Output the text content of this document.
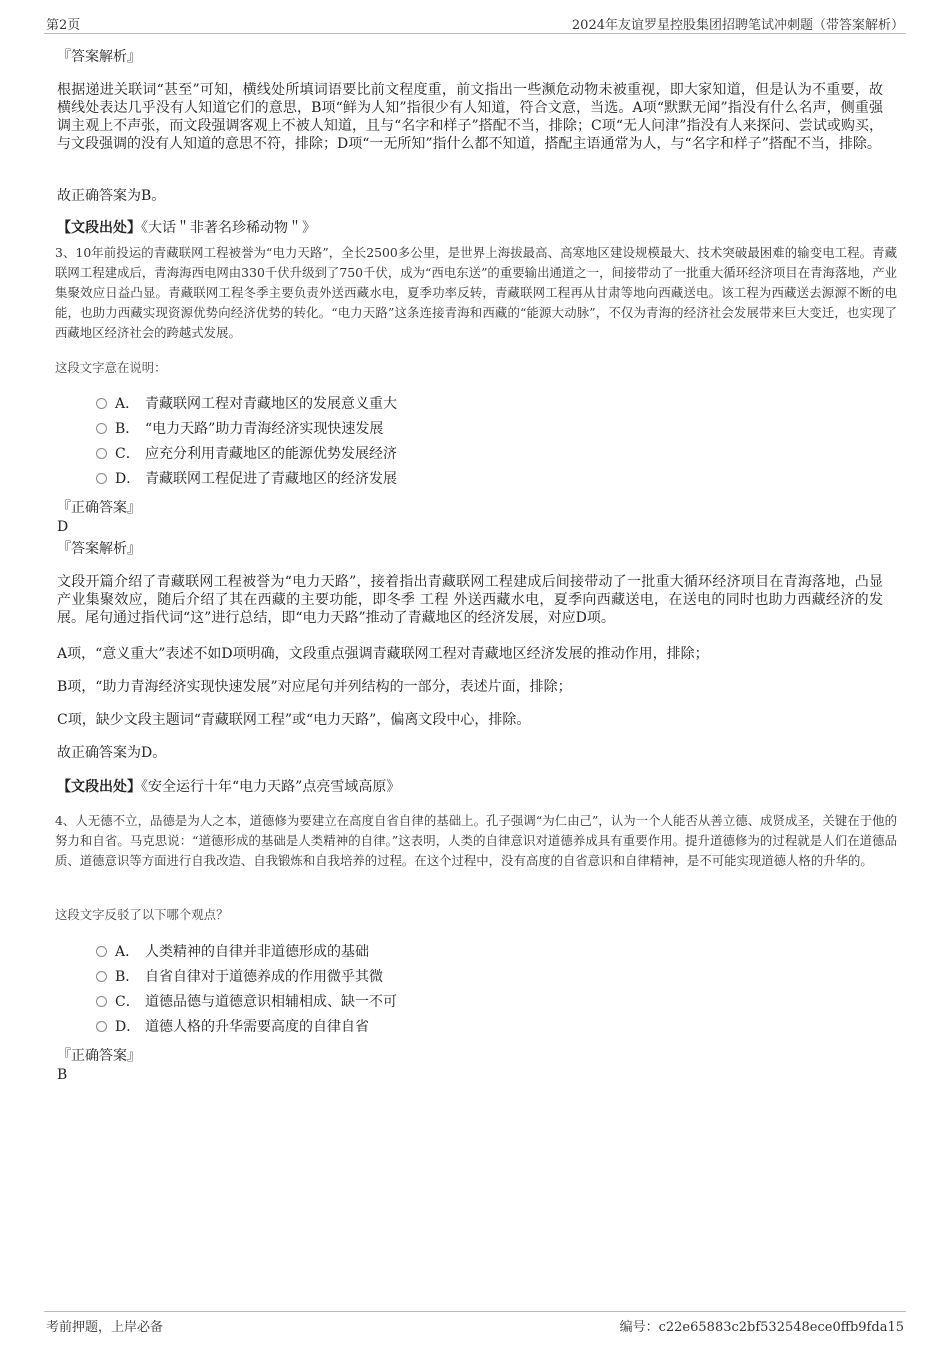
第2页	2024年友谊罗星控股集团招聘笔试冲刺题（带答案解析）
『答案解析』
根据递进关联词“甚至”可知，横线处所填词语要比前文程度重，前文指出一些濒危动物未被重视，即大家知道，但是认为不重要，故横线处表达几乎没有人知道它们的意思，B项“鲜为人知”指很少有人知道，符合文意，当选。A项“默默无闻”指没有什么名声，侧重强调主观上不声张，而文段强调客观上不被人知道，且与“名字和样子”搭配不当，排除；C项“无人问津”指没有人来探问、尝试或购买，与文段强调的没有人知道的意思不符，排除；D项“一无所知”指什么都不知道，搭配主语通常为人，与“名字和样子”搭配不当，排除。
故正确答案为B。
【文段出处】《大话＂非著名珍稀动物＂》
3、10年前投运的青藏联网工程被誉为“电力天路”，全长2500多公里，是世界上海拔最高、高寒地区建设规模最大、技术突破最困难的输变电工程。青藏联网工程建成后，青海海西电网由330千伏升级到了750千伏，成为“西电东送”的重要输出通道之一，间接带动了一批重大循环经济项目在青海落地，产业集聚效应日益凸显。青藏联网工程冬季主要负责外送西藏水电，夏季功率反转，青藏联网工程再从甘肃等地向西藏送电。该工程为西藏送去源源不断的电能，也助力西藏实现资源优势向经济优势的转化。“电力天路”这条连接青海和西藏的“能源大动脉”，不仅为青海的经济社会发展带来巨大变迁，也实现了西藏地区经济社会的跨越式发展。
这段文字意在说明：
A． 青藏联网工程对青藏地区的发展意义重大
B． “电力天路”助力青海经济实现快速发展
C． 应充分利用青藏地区的能源优势发展经济
D． 青藏联网工程促进了青藏地区的经济发展
『正确答案』
D
『答案解析』
文段开篇介绍了青藏联网工程被誉为“电力天路”，接着指出青藏联网工程建成后间接带动了一批重大循环经济项目在青海落地，凸显产业集聚效应，随后介绍了其在西藏的主要功能，即冬季 工程 外送西藏水电，夏季向西藏送电，在送电的同时也助力西藏经济的发展。尾句通过指代词“这”进行总结，即“电力天路”推动了青藏地区的经济发展，对应D项。
A项，“意义重大”表述不如D项明确，文段重点强调青藏联网工程对青藏地区经济发展的推动作用，排除；
B项，“助力青海经济实现快速发展”对应尾句并列结构的一部分，表述片面，排除；
C项，缺少文段主题词“青藏联网工程”或“电力天路”，偏离文段中心，排除。
故正确答案为D。
【文段出处】《安全运行十年“电力天路”点亮雪域高原》
4、人无德不立，品德是为人之本，道德修为要建立在高度自省自律的基础上。孔子强调“为仁由己”，认为一个人能否从善立德、成贤成圣，关键在于他的努力和自省。马克思说：“道德形成的基础是人类精神的自律。”这表明，人类的自律意识对道德养成具有重要作用。提升道德修为的过程就是人们在道德品质、道德意识等方面进行自我改造、自我锻炼和自我培养的过程。在这个过程中，没有高度的自省意识和自律精神，是不可能实现道德人格的升华的。
这段文字反驳了以下哪个观点？
A． 人类精神的自律并非道德形成的基础
B． 自省自律对于道德养成的作用微乎其微
C． 道德品德与道德意识相辅相成、缺一不可
D． 道德人格的升华需要高度的自律自省
『正确答案』
B
考前押题，上岸必备	编号：c22e65883c2bf532548ece0ffb9fda15
